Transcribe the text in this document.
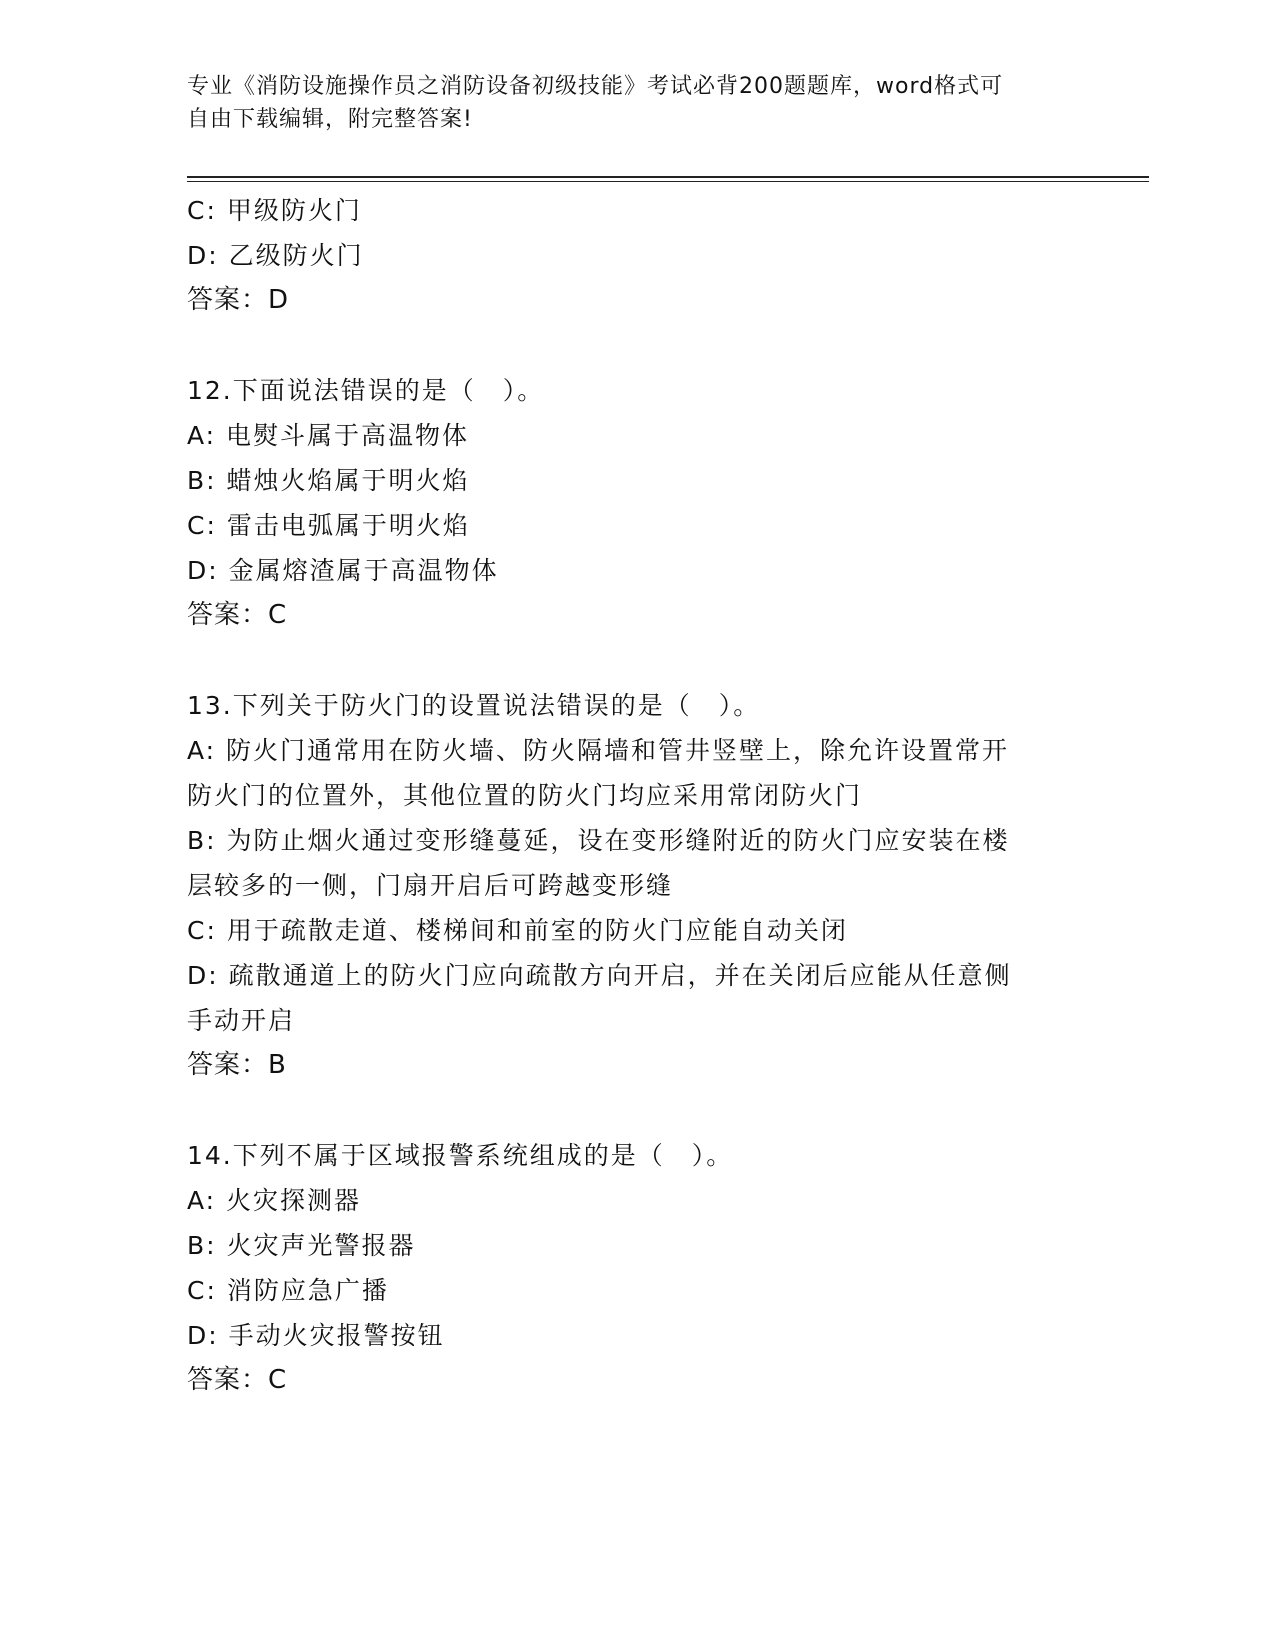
专业《消防设施操作员之消防设备初级技能》考试必背200题题库，word格式可
自由下载编辑，附完整答案!
C: 甲级防火门
D: 乙级防火门
答案：D
12.下面说法错误的是（　）。
A: 电熨斗属于高温物体
B: 蜡烛火焰属于明火焰
C: 雷击电弧属于明火焰
D: 金属熔渣属于高温物体
答案：C
13.下列关于防火门的设置说法错误的是（　）。
A: 防火门通常用在防火墙、防火隔墙和管井竖壁上，除允许设置常开
防火门的位置外，其他位置的防火门均应采用常闭防火门
B: 为防止烟火通过变形缝蔓延，设在变形缝附近的防火门应安装在楼
层较多的一侧，门扇开启后可跨越变形缝
C: 用于疏散走道、楼梯间和前室的防火门应能自动关闭
D: 疏散通道上的防火门应向疏散方向开启，并在关闭后应能从任意侧
手动开启
答案：B
14.下列不属于区域报警系统组成的是（　）。
A: 火灾探测器
B: 火灾声光警报器
C: 消防应急广播
D: 手动火灾报警按钮
答案：C
